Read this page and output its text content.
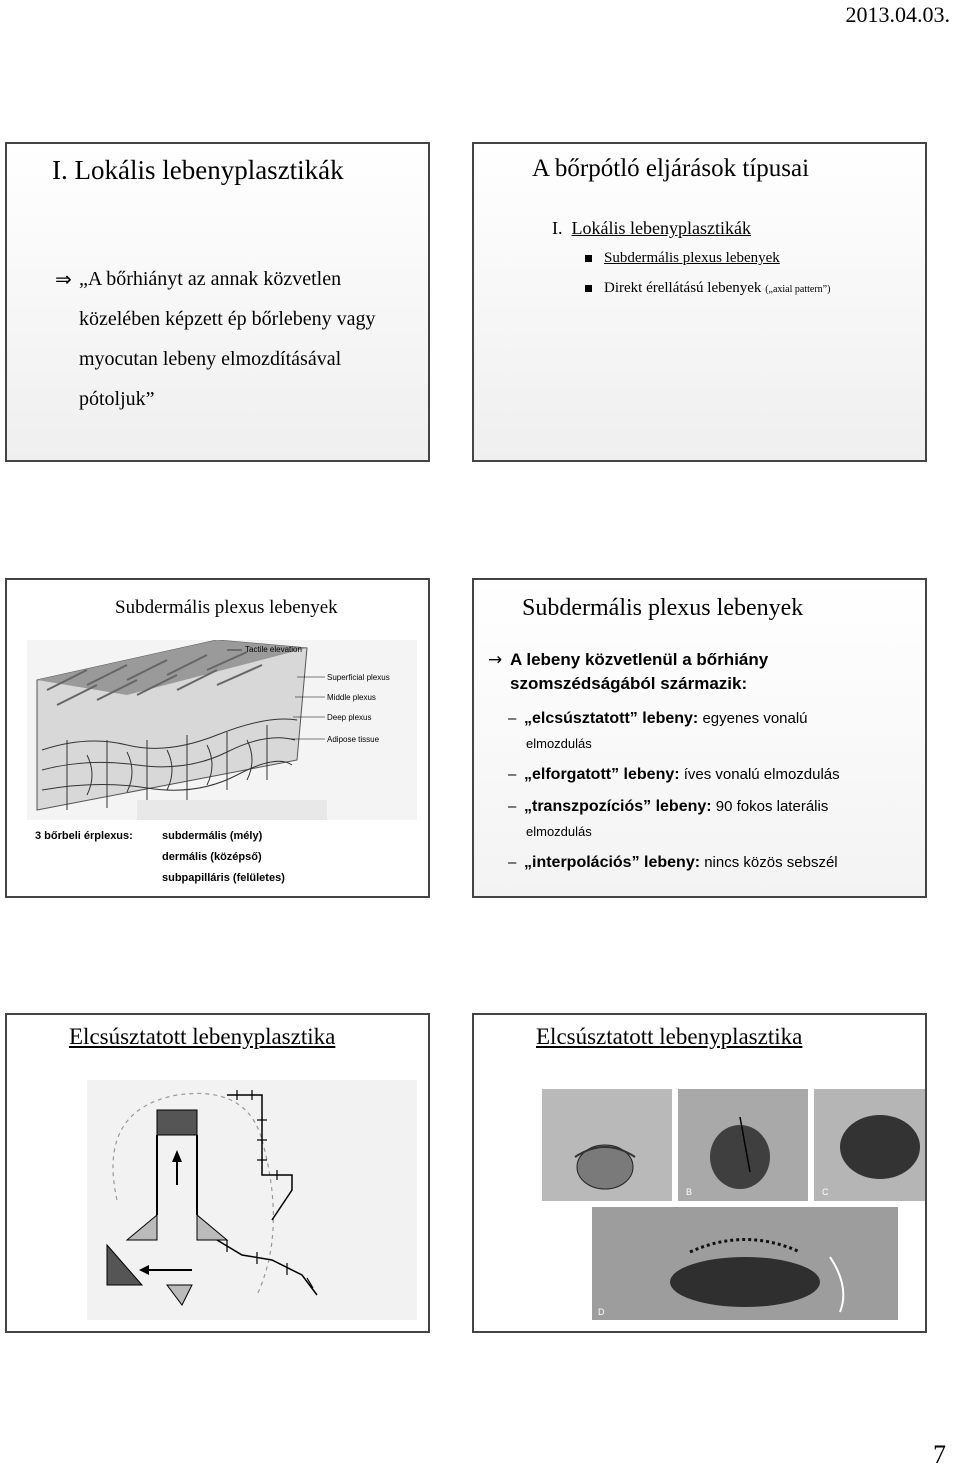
2013.04.03.
I. Lokális lebenyplasztikák
⇒ „A bőrhiányt az annak közvetlen közelében képzett ép bőrlebeny vagy myocutan lebeny elmozdításával pótoljuk”
A bőrpótló eljárások típusai
I. Lokális lebenyplasztikák
Subdermális plexus lebenyek
Direkt érellátású lebenyek („axial pattern”)
Subdermális plexus lebenyek
Tactile elevation
Superficial plexus
Middle plexus
Deep plexus
Adipose tissue
3 bőrbeli érplexus:	subdermális (mély)
dermális (középső)
subpapilláris (felületes)
Subdermális plexus lebenyek
→ A lebeny közvetlenül a bőrhiány
szomszédságából származik:
– „elcsúsztatott” lebeny: egyenes vonalú
elmozdulás
– „elforgatott” lebeny: íves vonalú elmozdulás
– „transzpozíciós” lebeny: 90 fokos laterális
elmozdulás
– „interpolációs” lebeny: nincs közös sebszél
Elcsúsztatott lebenyplasztika	Elcsúsztatott lebenyplasztika
B	C
D
7
